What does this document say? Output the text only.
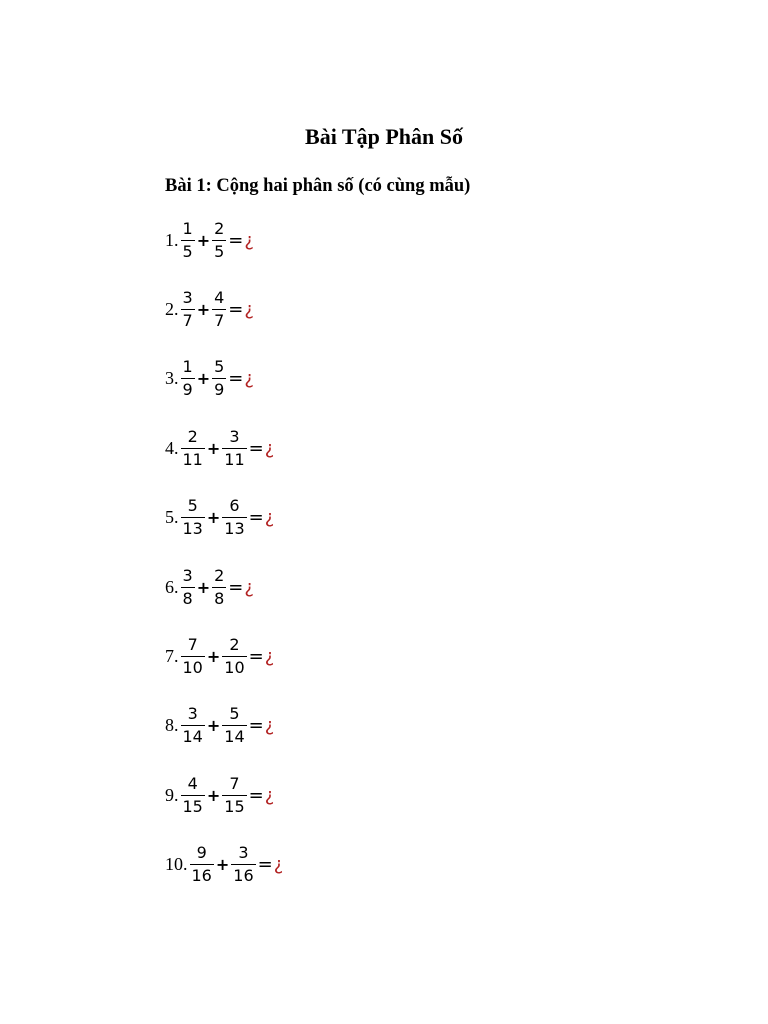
Bài Tập Phân Số
Bài 1: Cộng hai phân số (có cùng mẫu)
1. $\frac{1}{5} + \frac{2}{5}$ = ¿
2. $\frac{3}{7} + \frac{4}{7}$ = ¿
3. $\frac{1}{9} + \frac{5}{9}$ = ¿
4. $\frac{2}{11} + \frac{3}{11}$ = ¿
5. $\frac{5}{13} + \frac{6}{13}$ = ¿
6. $\frac{3}{8} + \frac{2}{8}$ = ¿
7. $\frac{7}{10} + \frac{2}{10}$ = ¿
8. $\frac{3}{14} + \frac{5}{14}$ = ¿
9. $\frac{4}{15} + \frac{7}{15}$ = ¿
10. $\frac{9}{16} + \frac{3}{16}$ = ¿
